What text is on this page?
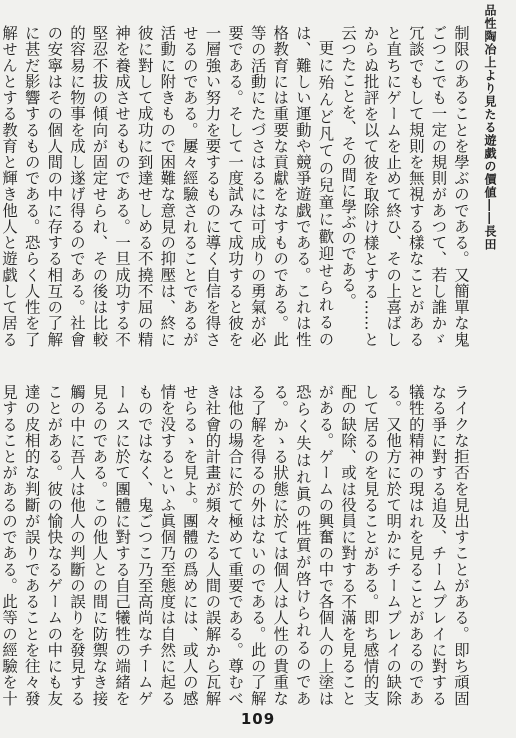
品性陶冶上より見たる遊戯の價値――長田

制限のあることを學ぶのである。又簡單な鬼ごつこでも一定の規則があつて、若し誰かゞ冗談でもして規則を無視する樣なことがあると直ちにゲームを止めて終ひ、その上喜ばしからぬ批評を以て彼を取除け樣とする……と云つたことを、その間に學ぶのである。

更に殆んど凡ての兒童に歡迎せられるのは、難しい運動や競爭遊戯である。これは性格教育には重要な貢獻をなすものである。此等の活動にたづさはるには可成りの勇氣が必要である。そして一度試みて成功すると彼を一層強い努力を要するものに導く自信を得させるのである。屢々經驗されることであるが活動に附きもので困難な意見の抑壓は、終に彼に對して成功に到達せしめる不撓不屈の精神を養成させるものである。一旦成功する不堅忍不拔の傾向が固定せられ、その後は比較的容易に物事を成し遂げ得るのである。社會の安寧はその個人間の中に存する相互の了解に甚だ影響するものである。恐らく人性を了解せんとする教育と輝き他人と遊戯して居る

ライクな拒否を見出すことがある。即ち頑固なる爭に對する追及、チームプレイに對する犠牲的精神の現はれを見ることがあるのである。又他方に於て明かにチームプレイの缺除して居るのを見ることがある。即ち感情的支配の缺除、或は役員に對する不滿を見ることがある。ゲームの興奮の中で各個人の上塗は恐らく失はれ眞の性質が啓けられるのである。かゝる狀態に於ては個人は人性の貴重なる了解を得るの外はないのである。此の了解は他の場合に於て極めて重要である。尊むべき社會的計畫が頻々たる人間の誤解から瓦解せらるゝを見よ。團體の爲めには、或人の感情を没するといふ眞個乃至態度は自然に起るものではなく、鬼ごつこ乃至高尚なチームゲームスに於て團體に對する自己犧牲の端緒を見るのである。この他人との間に防禦なき接觸の中に吾人は他人の判斷の誤りを發見することがある。彼の愉快なるゲームの中にも友達の皮相的な判斷が誤りであることを往々發見することがあるのである。此等の經驗を十

109
